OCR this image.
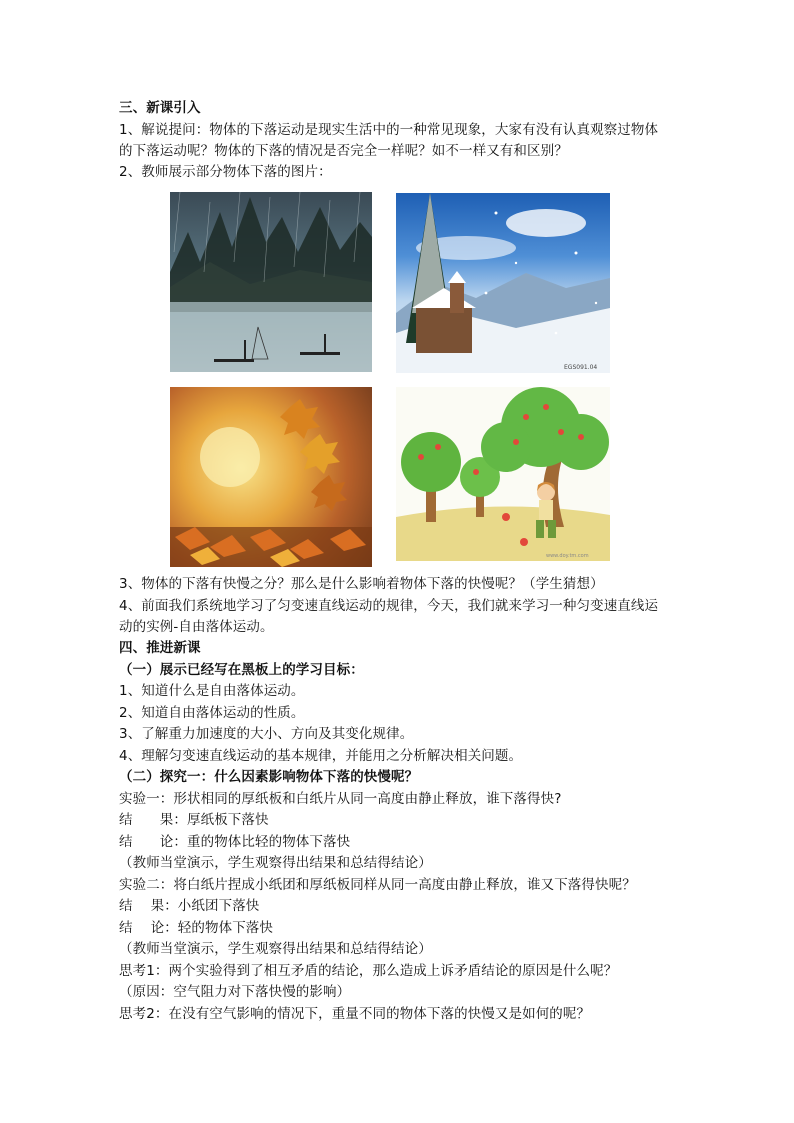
三、新课引入
1、解说提问：物体的下落运动是现实生活中的一种常见现象，大家有没有认真观察过物体
的下落运动呢？物体的下落的情况是否完全一样呢？如不一样又有和区别？
2、教师展示部分物体下落的图片：
EGS091.04
www.doy.tm.com
3、物体的下落有快慢之分？那么是什么影响着物体下落的快慢呢？（学生猜想）
4、前面我们系统地学习了匀变速直线运动的规律，今天，我们就来学习一种匀变速直线运
动的实例-自由落体运动。
四、推进新课
（一）展示已经写在黑板上的学习目标：
1、知道什么是自由落体运动。
2、知道自由落体运动的性质。
3、了解重力加速度的大小、方向及其变化规律。
4、理解匀变速直线运动的基本规律，并能用之分析解决相关问题。
（二）探究一：什么因素影响物体下落的快慢呢？
实验一：形状相同的厚纸板和白纸片从同一高度由静止释放，谁下落得快?
结　　果：厚纸板下落快
结　　论：重的物体比轻的物体下落快
（教师当堂演示，学生观察得出结果和总结得结论）
实验二：将白纸片捏成小纸团和厚纸板同样从同一高度由静止释放，谁又下落得快呢？
结　 果：小纸团下落快
结　 论：轻的物体下落快
（教师当堂演示，学生观察得出结果和总结得结论）
思考1：两个实验得到了相互矛盾的结论，那么造成上诉矛盾结论的原因是什么呢？
（原因：空气阻力对下落快慢的影响）
思考2：在没有空气影响的情况下，重量不同的物体下落的快慢又是如何的呢？
